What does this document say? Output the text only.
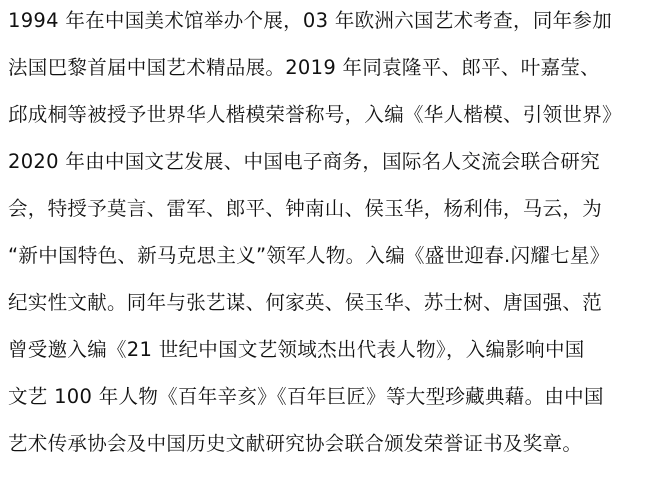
1994 年在中国美术馆举办个展，03 年欧洲六国艺术考查，同年参加
法国巴黎首届中国艺术精品展。2019 年同袁隆平、郎平、叶嘉莹、
邱成桐等被授予世界华人楷模荣誉称号，入编《华人楷模、引领世界》
2020 年由中国文艺发展、中国电子商务，国际名人交流会联合研究
会，特授予莫言、雷军、郎平、钟南山、侯玉华，杨利伟，马云，为
“新中国特色、新马克思主义”领军人物。入编《盛世迎春.闪耀七星》
纪实性文献。同年与张艺谋、何家英、侯玉华、苏士树、唐国强、范
曾受邀入编《21 世纪中国文艺领域杰出代表人物》，入编影响中国
文艺 100 年人物《百年辛亥》《百年巨匠》等大型珍藏典藉。由中国
艺术传承协会及中国历史文献研究协会联合颁发荣誉证书及奖章。
